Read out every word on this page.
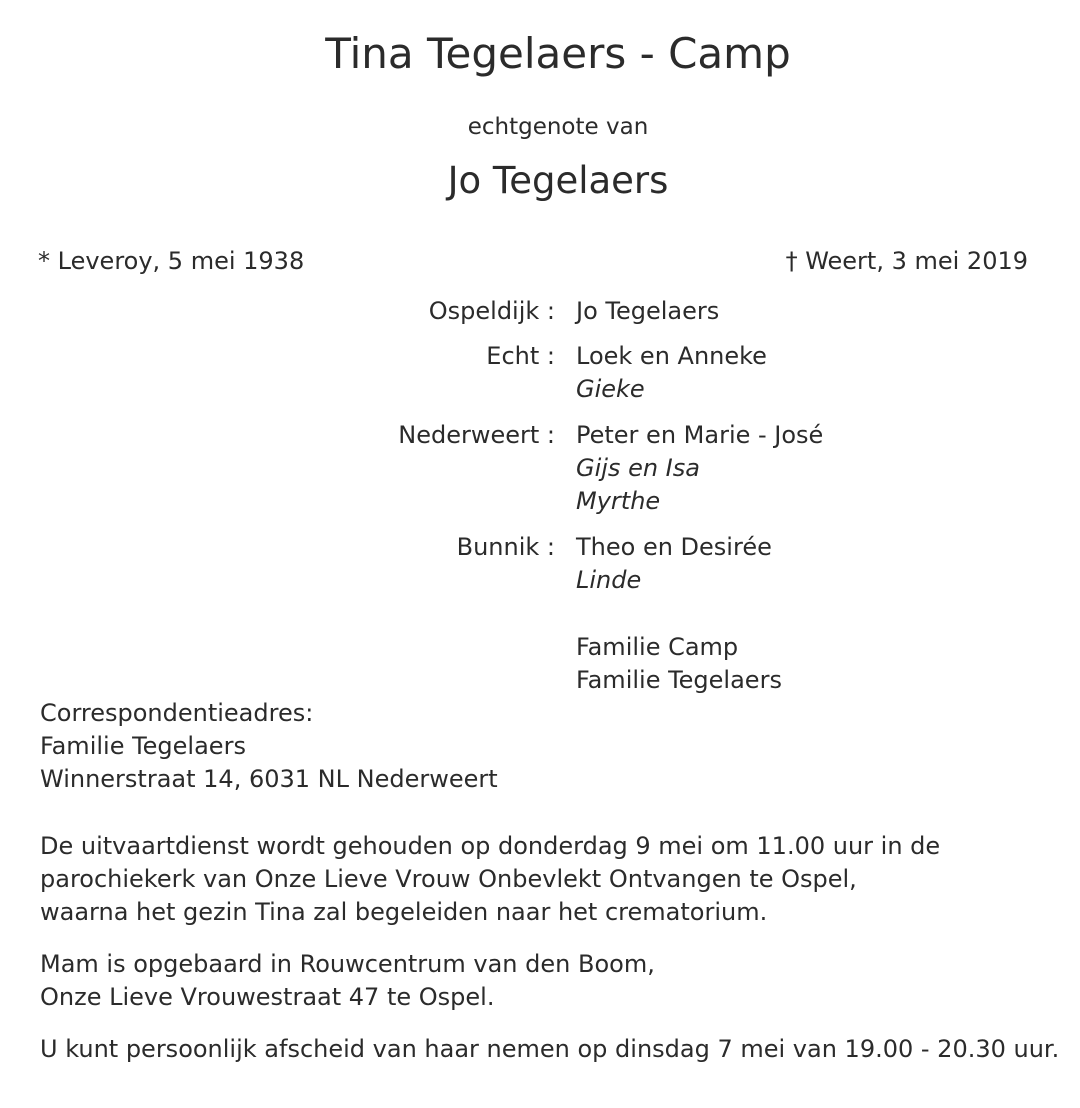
Tina Tegelaers - Camp
echtgenote van
Jo Tegelaers
* Leveroy, 5 mei 1938	† Weert, 3 mei 2019
Ospeldijk : Jo Tegelaers
Echt : Loek en Anneke
Gieke
Nederweert : Peter en Marie - José
Gijs en Isa
Myrthe
Bunnik : Theo en Desirée
Linde
Familie Camp
Familie Tegelaers
Correspondentieadres:
Familie Tegelaers
Winnerstraat 14, 6031 NL Nederweert
De uitvaartdienst wordt gehouden op donderdag 9 mei om 11.00 uur in de
parochiekerk van Onze Lieve Vrouw Onbevlekt Ontvangen te Ospel,
waarna het gezin Tina zal begeleiden naar het crematorium.
Mam is opgebaard in Rouwcentrum van den Boom,
Onze Lieve Vrouwestraat 47 te Ospel.
U kunt persoonlijk afscheid van haar nemen op dinsdag 7 mei van 19.00 - 20.30 uur.
